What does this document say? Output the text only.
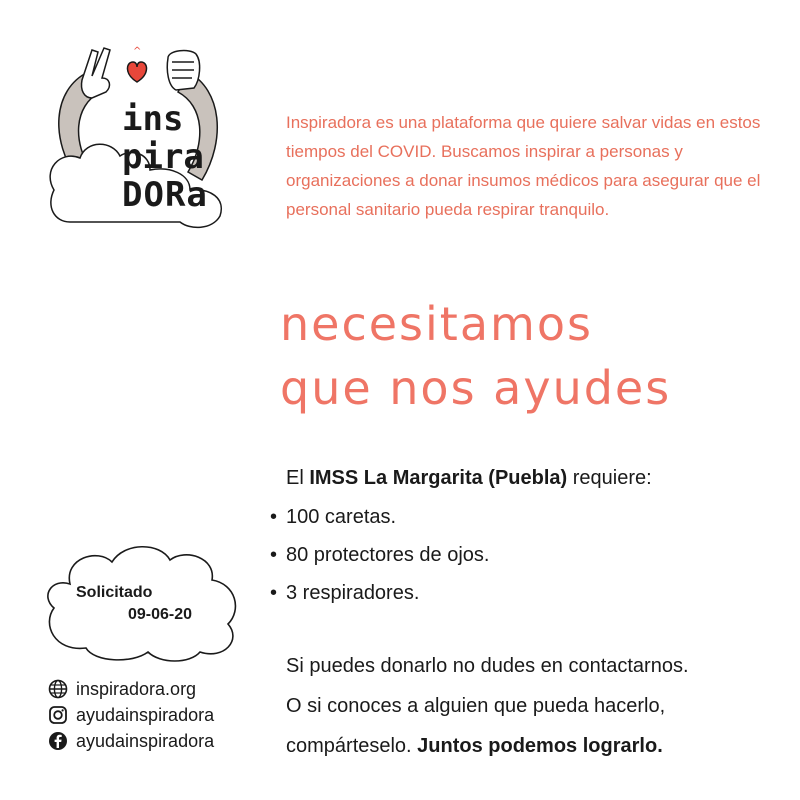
^
ins
pira
DORa
Inspiradora es una plataforma que quiere salvar vidas en estos tiempos del COVID. Buscamos inspirar a personas y organizaciones a donar insumos médicos para asegurar que el personal sanitario pueda respirar tranquilo.
necesitamos
que nos ayudes
El IMSS La Margarita (Puebla) requiere:
• 100 caretas.
• 80 protectores de ojos.
• 3 respiradores.
Si puedes donarlo no dudes en contactarnos.
O si conoces a alguien que pueda hacerlo,
compárteselo. Juntos podemos lograrlo.
Solicitado
09-06-20
inspiradora.org
ayudainspiradora
ayudainspiradora
